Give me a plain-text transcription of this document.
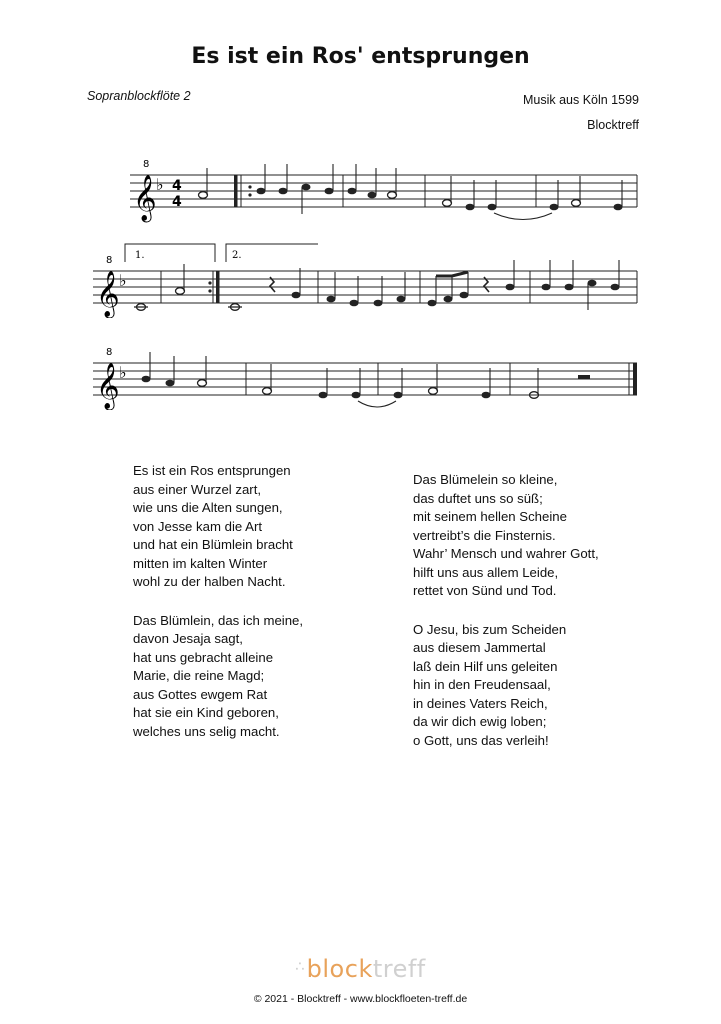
Es ist ein Ros' entsprungen
Sopranblockflöte 2	Musik aus Köln 1599
Blocktreff
𝄞
8
♭ 4
4
𝄞
8
♭
1.	2.
𝄞
8
♭
Es ist ein Ros entsprungen
aus einer Wurzel zart,
wie uns die Alten sungen,
von Jesse kam die Art
und hat ein Blümlein bracht
mitten im kalten Winter
wohl zu der halben Nacht.
Das Blümlein, das ich meine,
davon Jesaja sagt,
hat uns gebracht alleine
Marie, die reine Magd;
aus Gottes ewgem Rat
hat sie ein Kind geboren,
welches uns selig macht.
Das Blümelein so kleine,
das duftet uns so süß;
mit seinem hellen Scheine
vertreibt’s die Finsternis.
Wahr’ Mensch und wahrer Gott,
hilft uns aus allem Leide,
rettet von Sünd und Tod.
O Jesu, bis zum Scheiden
aus diesem Jammertal
laß dein Hilf uns geleiten
hin in den Freudensaal,
in deines Vaters Reich,
da wir dich ewig loben;
o Gott, uns das verleih!
∴blocktreff
© 2021 - Blocktreff - www.blockfloeten-treff.de
